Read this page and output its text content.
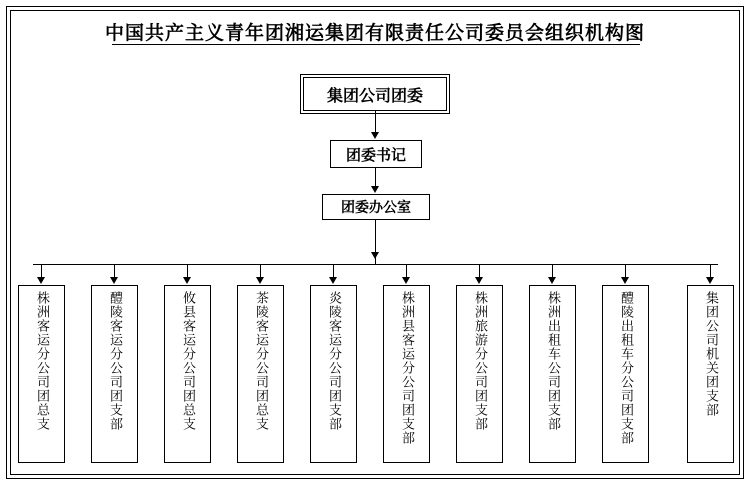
中国共产主义青年团湘运集团有限责任公司委员会组织机构图
集团公司团委
团委书记
团委办公室
株洲客运分公司团总支	醴陵客运分公司团支部	攸县客运分公司团总支	茶陵客运分公司团总支	炎陵客运分公司团支部	株洲县客运分公司团支部	株洲旅游分公司团支部	株洲出租车公司团支部	醴陵出租车分公司团支部	集团公司机关团支部
